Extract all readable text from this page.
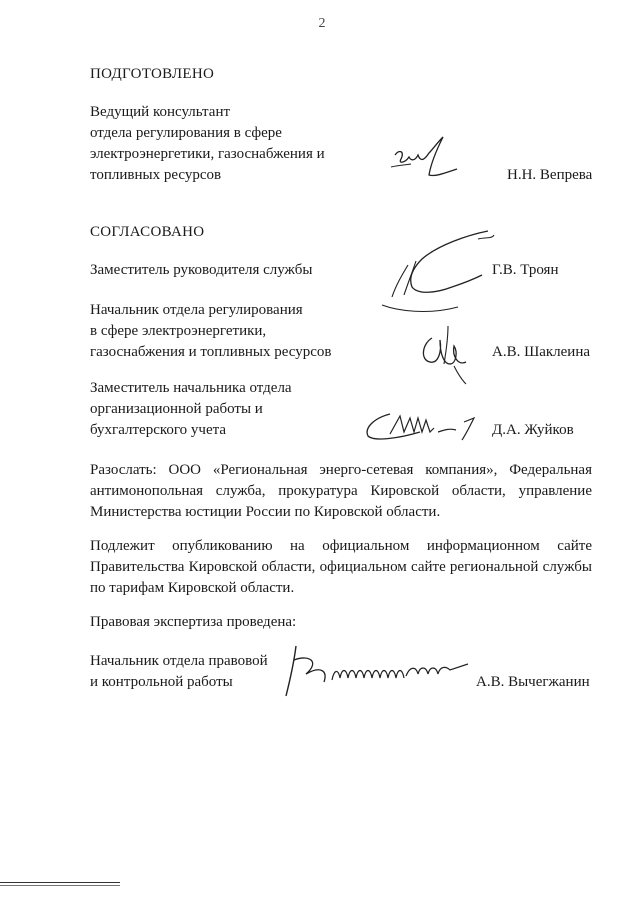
2
ПОДГОТОВЛЕНО
Ведущий консультант
отдела регулирования в сфере
электроэнергетики, газоснабжения и
топливных ресурсов	Н.Н. Вепрева
СОГЛАСОВАНО
Заместитель руководителя службы	Г.В. Троян
Начальник отдела регулирования
в сфере электроэнергетики,
газоснабжения и топливных ресурсов	А.В. Шаклеина
Заместитель начальника отдела
организационной работы и
бухгалтерского учета	Д.А. Жуйков
Разослать: ООО «Региональная энерго-сетевая компания», Федеральная
антимонопольная служба, прокуратура Кировской области, управление
Министерства юстиции России по Кировской области.
Подлежит опубликованию на официальном информационном сайте
Правительства Кировской области, официальном сайте региональной службы
по тарифам Кировской области.
Правовая экспертиза проведена:
Начальник отдела правовой
и контрольной работы	А.В. Вычегжанин
